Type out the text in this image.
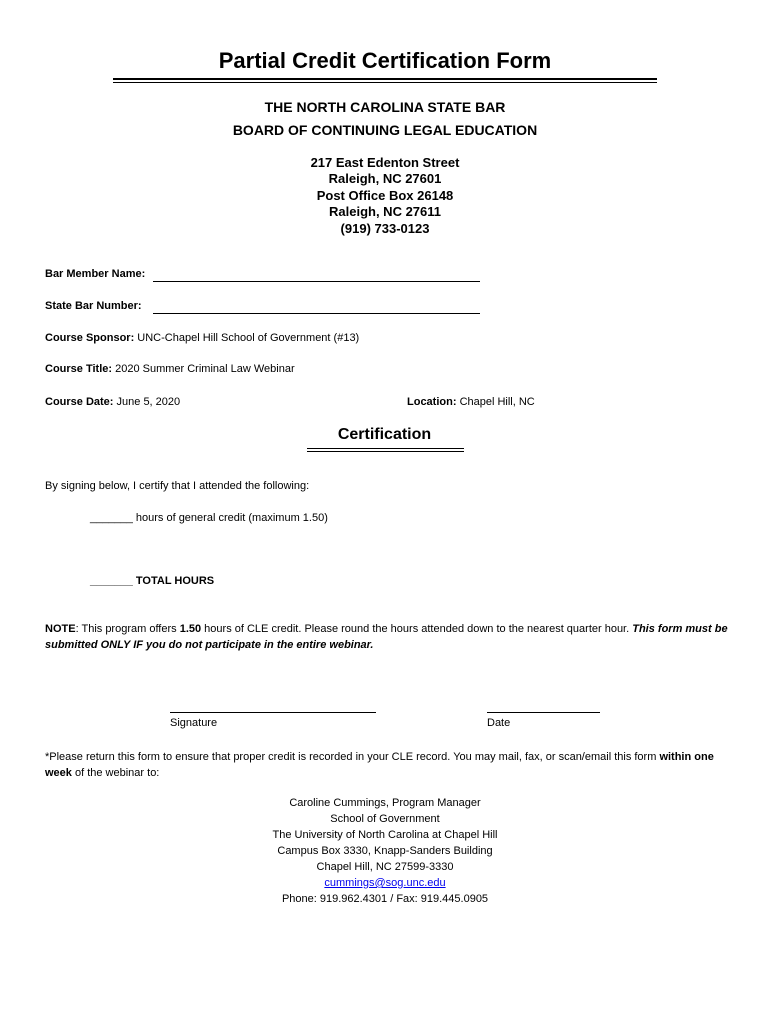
Partial Credit Certification Form
THE NORTH CAROLINA STATE BAR
BOARD OF CONTINUING LEGAL EDUCATION
217 East Edenton Street
Raleigh, NC 27601
Post Office Box 26148
Raleigh, NC 27611
(919) 733-0123
Bar Member Name:
State Bar Number:
Course Sponsor: UNC-Chapel Hill School of Government (#13)
Course Title: 2020 Summer Criminal Law Webinar
Course Date: June 5, 2020	Location: Chapel Hill, NC
Certification
By signing below, I certify that I attended the following:
_______ hours of general credit (maximum 1.50)
_______ TOTAL HOURS
NOTE: This program offers 1.50 hours of CLE credit. Please round the hours attended down to the nearest quarter hour. This form must be submitted ONLY IF you do not participate in the entire webinar.
Signature	Date
*Please return this form to ensure that proper credit is recorded in your CLE record. You may mail, fax, or scan/email this form within one week of the webinar to:
Caroline Cummings, Program Manager
School of Government
The University of North Carolina at Chapel Hill
Campus Box 3330, Knapp-Sanders Building
Chapel Hill, NC 27599-3330
cummings@sog.unc.edu
Phone: 919.962.4301 / Fax: 919.445.0905
